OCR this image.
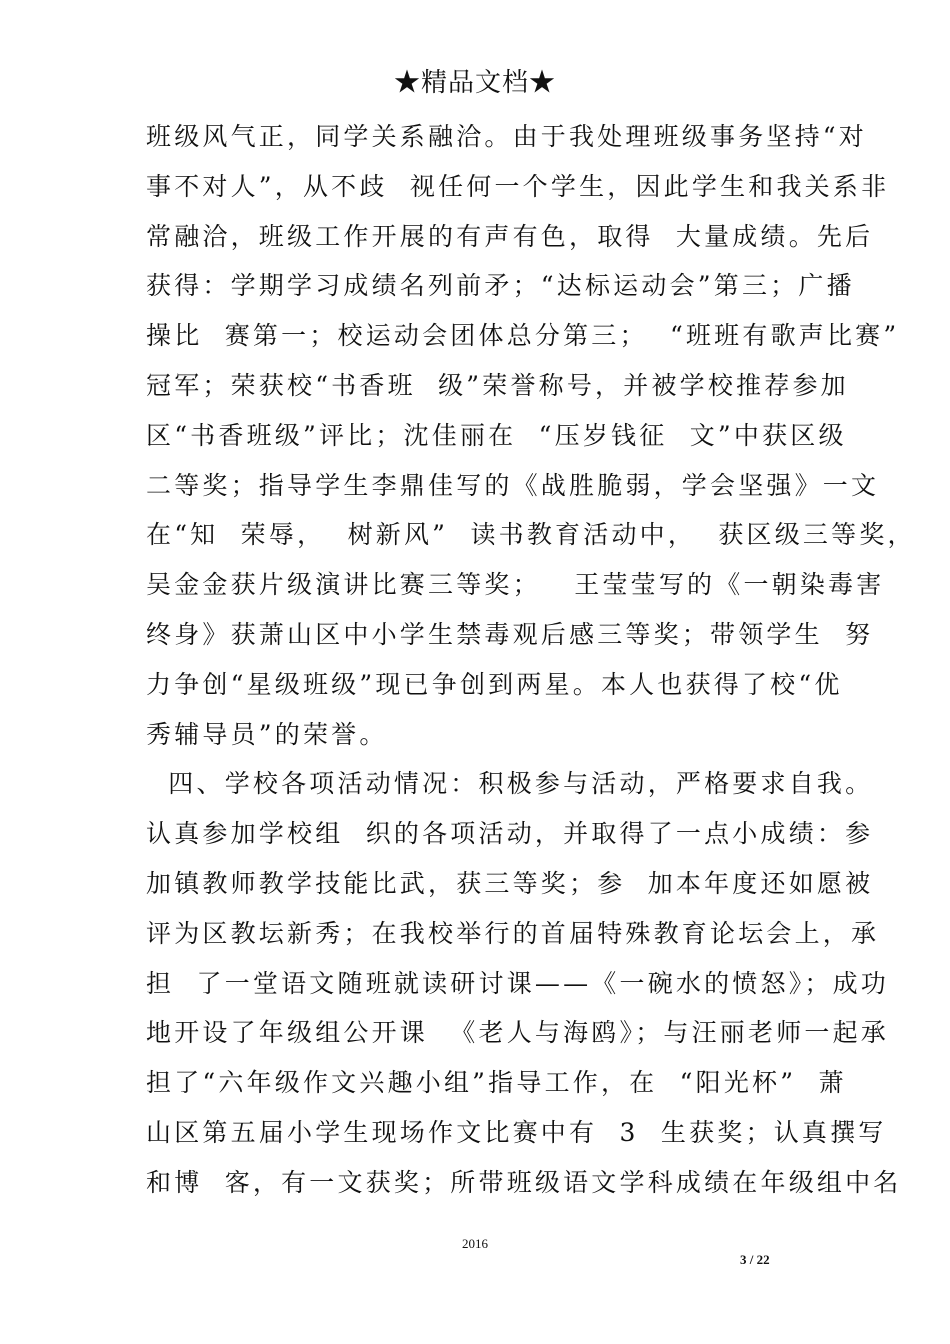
★精品文档★
班级风气正，同学关系融洽。由于我处理班级事务坚持“对
事不对人”，从不歧  视任何一个学生，因此学生和我关系非
常融洽，班级工作开展的有声有色，取得  大量成绩。先后
获得：学期学习成绩名列前矛；“达标运动会”第三；广播
操比  赛第一；校运动会团体总分第三；  “班班有歌声比赛”
冠军；荣获校“书香班  级”荣誉称号，并被学校推荐参加
区“书香班级”评比；沈佳丽在  “压岁钱征  文”中获区级
二等奖；指导学生李鼎佳写的《战胜脆弱，学会坚强》一文
在“知  荣辱，  树新风”  读书教育活动中，  获区级三等奖，
吴金金获片级演讲比赛三等奖；   王莹莹写的《一朝染毒害
终身》获萧山区中小学生禁毒观后感三等奖；带领学生  努
力争创“星级班级”现已争创到两星。本人也获得了校“优
秀辅导员”的荣誉。
四、学校各项活动情况：积极参与活动，严格要求自我。
认真参加学校组  织的各项活动，并取得了一点小成绩：参
加镇教师教学技能比武，获三等奖；参  加本年度还如愿被
评为区教坛新秀；在我校举行的首届特殊教育论坛会上，承
担  了一堂语文随班就读研讨课——《一碗水的愤怒》；成功
地开设了年级组公开课  《老人与海鸥》；与汪丽老师一起承
担了“六年级作文兴趣小组”指导工作，在  “阳光杯”  萧
山区第五届小学生现场作文比赛中有  3  生获奖；认真撰写
和博  客，有一文获奖；所带班级语文学科成绩在年级组中名
2016
3 / 22
